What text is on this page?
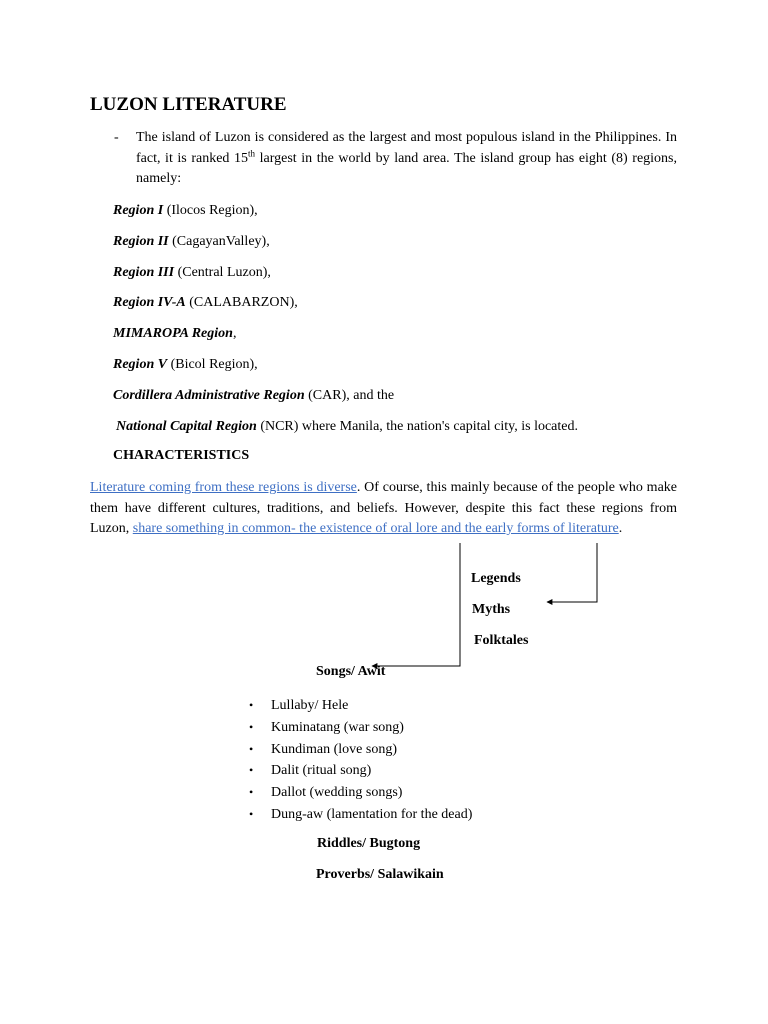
LUZON LITERATURE
- The island of Luzon is considered as the largest and most populous island in the Philippines. In fact, it is ranked 15th largest in the world by land area. The island group has eight (8) regions, namely:
Region I (Ilocos Region),
Region II (CagayanValley),
Region III (Central Luzon),
Region IV-A (CALABARZON),
MIMAROPA Region,
Region V (Bicol Region),
Cordillera Administrative Region (CAR), and the
National Capital Region (NCR) where Manila, the nation's capital city, is located.
CHARACTERISTICS
Literature coming from these regions is diverse. Of course, this mainly because of the people who make them have different cultures, traditions, and beliefs. However, despite this fact these regions from Luzon, share something in common- the existence of oral lore and the early forms of literature.
Legends
Myths
Folktales
Songs/ Awit
• Lullaby/ Hele
• Kuminatang (war song)
• Kundiman (love song)
• Dalit (ritual song)
• Dallot (wedding songs)
• Dung-aw (lamentation for the dead)
Riddles/ Bugtong
Proverbs/ Salawikain
